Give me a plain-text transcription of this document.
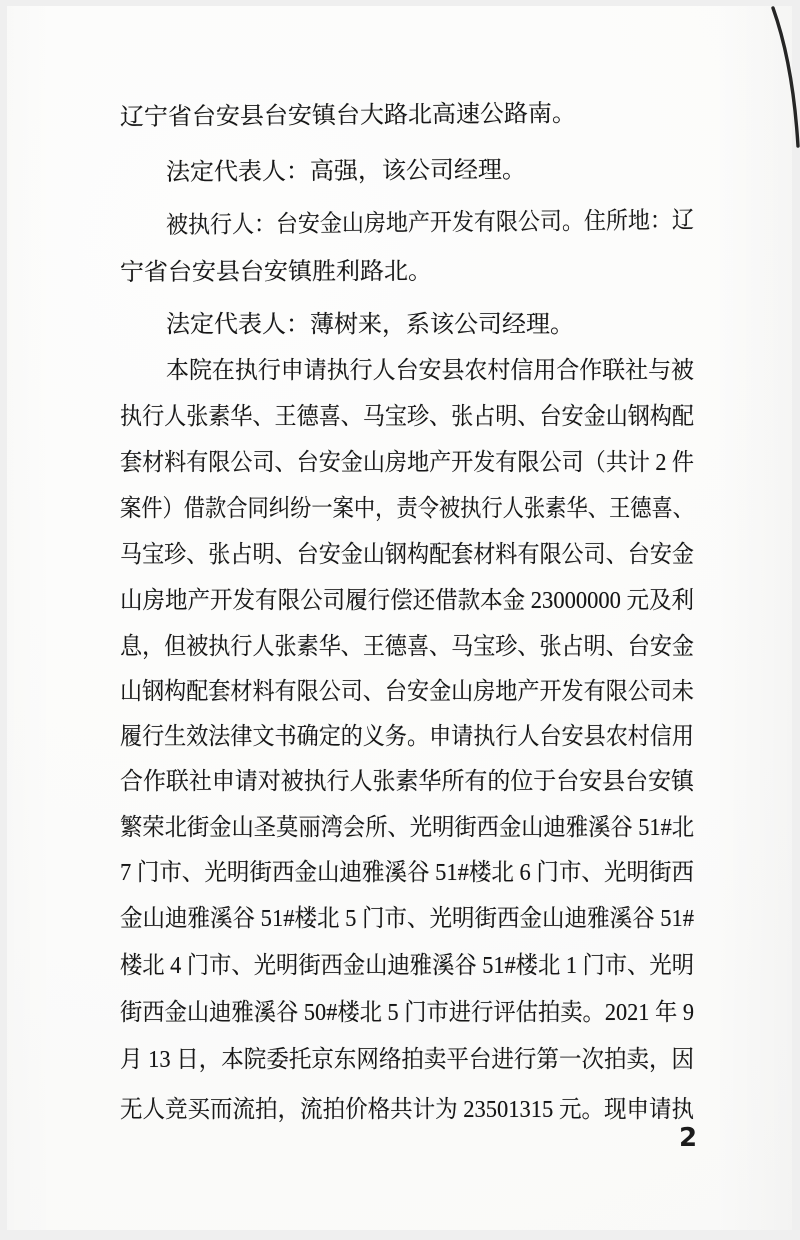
辽宁省台安县台安镇台大路北高速公路南。
法定代表人：高强，该公司经理。
被 执 行 人 ： 台 安 金 山 房 地 产 开 发 有 限 公 司 。 住 所 地 ： 辽
宁省台安县台安镇胜利路北。
法定代表人：薄树来，系该公司经理。
本 院 在 执 行 申 请 执 行 人 台 安 县 农 村 信 用 合 作 联 社 与 被
执 行 人 张 素 华 、 王 德 喜 、 马 宝 珍 、 张 占 明 、 台 安 金 山 钢 构 配
套 材 料 有 限 公 司 、 台 安 金 山 房 地 产 开 发 有 限 公 司 （ 共 计 2 件
案 件 ） 借 款 合 同 纠 纷 一 案 中 ， 责 令 被 执 行 人 张 素 华 、 王 德 喜 、
马 宝 珍 、 张 占 明 、 台 安 金 山 钢 构 配 套 材 料 有 限 公 司 、 台 安 金
山 房 地 产 开 发 有 限 公 司 履 行 偿 还 借 款 本 金 23000000 元 及 利
息 ， 但 被 执 行 人 张 素 华 、 王 德 喜 、 马 宝 珍 、 张 占 明 、 台 安 金
山 钢 构 配 套 材 料 有 限 公 司 、 台 安 金 山 房 地 产 开 发 有 限 公 司 未
履 行 生 效 法 律 文 书 确 定 的 义 务 。 申 请 执 行 人 台 安 县 农 村 信 用
合 作 联 社 申 请 对 被 执 行 人 张 素 华 所 有 的 位 于 台 安 县 台 安 镇
繁 荣 北 街 金 山 圣 莫 丽 湾 会 所 、 光 明 街 西 金 山 迪 雅 溪 谷 51# 北
7 门 市 、 光 明 街 西 金 山 迪 雅 溪 谷 51# 楼 北 6 门 市 、 光 明 街 西
金 山 迪 雅 溪 谷 51# 楼 北 5 门 市 、 光 明 街 西 金 山 迪 雅 溪 谷 51#
楼 北 4 门 市 、 光 明 街 西 金 山 迪 雅 溪 谷 51# 楼 北 1 门 市 、 光 明
街 西 金 山 迪 雅 溪 谷 50# 楼 北 5 门 市 进 行 评 估 拍 卖 。 2021 年 9
月 13 日 ， 本 院 委 托 京 东 网 络 拍 卖 平 台 进 行 第 一 次 拍 卖 ， 因
无 人 竞 买 而 流 拍 ， 流 拍 价 格 共 计 为 23501315 元 。 现 申 请 执
2
